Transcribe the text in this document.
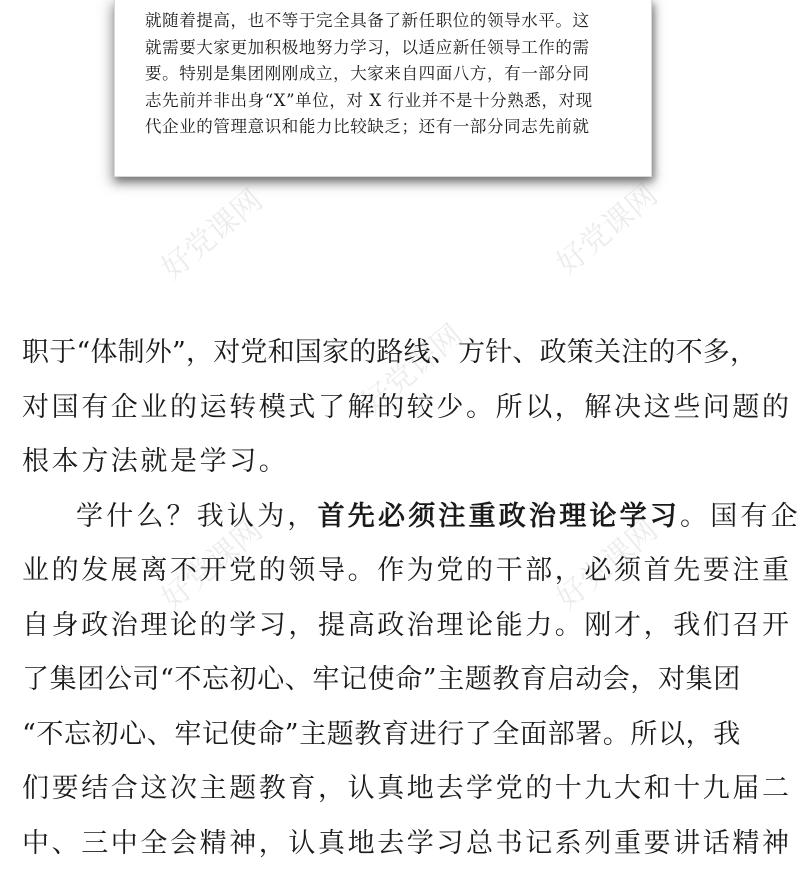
好党课网	好党课网
好党课网
好党课网	好党课网
就随着提高，也不等于完全具备了新任职位的领导水平。这
就需要大家更加积极地努力学习，以适应新任领导工作的需
要。特别是集团刚刚成立，大家来自四面八方，有一部分同
志先前并非出身“X”单位，对 X 行业并不是十分熟悉，对现
代企业的管理意识和能力比较缺乏；还有一部分同志先前就
职于“体制外”，对党和国家的路线、方针、政策关注的不多，
对国有企业的运转模式了解的较少。所以，解决这些问题的
根本方法就是学习。
学什么？我认为，首先必须注重政治理论学习。国有企
业的发展离不开党的领导。作为党的干部，必须首先要注重
自身政治理论的学习，提高政治理论能力。刚才，我们召开
了集团公司“不忘初心、牢记使命”主题教育启动会，对集团
“不忘初心、牢记使命”主题教育进行了全面部署。所以，我
们要结合这次主题教育，认真地去学党的十九大和十九届二
中、三中全会精神，认真地去学习总书记系列重要讲话精神
